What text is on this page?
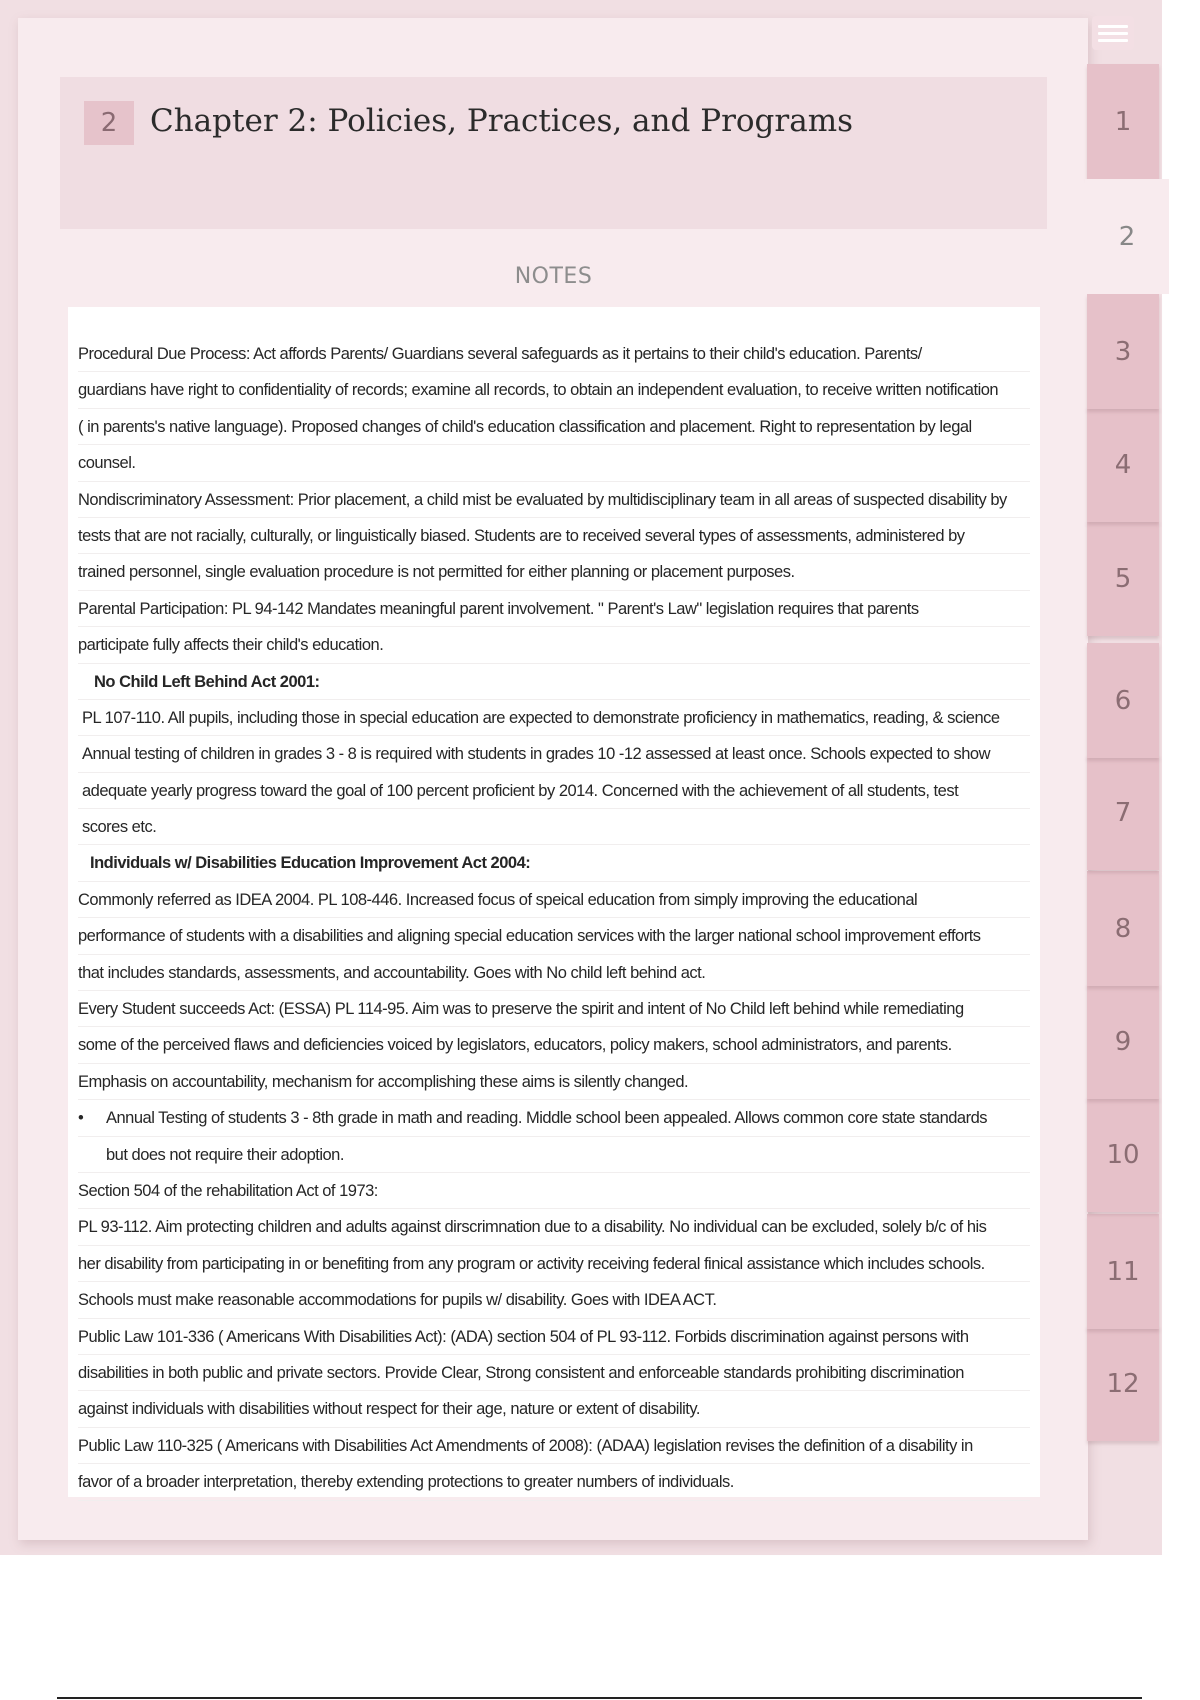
2	Chapter 2: Policies, Practices, and Programs
NOTES
Procedural Due Process: Act affords Parents/ Guardians several safeguards as it pertains to their child's education. Parents/
guardians have right to confidentiality of records; examine all records, to obtain an independent evaluation, to receive written notification
( in parents's native language). Proposed changes of child's education classification and placement. Right to representation by legal
counsel.
Nondiscriminatory Assessment: Prior placement, a child mist be evaluated by multidisciplinary team in all areas of suspected disability by
tests that are not racially, culturally, or linguistically biased. Students are to received several types of assessments, administered by
trained personnel, single evaluation procedure is not permitted for either planning or placement purposes.
Parental Participation: PL 94-142 Mandates meaningful parent involvement. " Parent's Law" legislation requires that parents
participate fully affects their child's education.
No Child Left Behind Act 2001:
PL 107-110. All pupils, including those in special education are expected to demonstrate proficiency in mathematics, reading, & science
Annual testing of children in grades 3 - 8 is required with students in grades 10 -12 assessed at least once. Schools expected to show
adequate yearly progress toward the goal of 100 percent proficient by 2014. Concerned with the achievement of all students, test
scores etc.
Individuals w/ Disabilities Education Improvement Act 2004:
Commonly referred as IDEA 2004. PL 108-446. Increased focus of speical education from simply improving the educational
performance of students with a disabilities and aligning special education services with the larger national school improvement efforts
that includes standards, assessments, and accountability. Goes with No child left behind act.
Every Student succeeds Act: (ESSA) PL 114-95. Aim was to preserve the spirit and intent of No Child left behind while remediating
some of the perceived flaws and deficiencies voiced by legislators, educators, policy makers, school administrators, and parents.
Emphasis on accountability, mechanism for accomplishing these aims is silently changed.
• Annual Testing of students 3 - 8th grade in math and reading. Middle school been appealed. Allows common core state standards
but does not require their adoption.
Section 504 of the rehabilitation Act of 1973:
PL 93-112. Aim protecting children and adults against dirscrimnation due to a disability. No individual can be excluded, solely b/c of his
her disability from participating in or benefiting from any program or activity receiving federal finical assistance which includes schools.
Schools must make reasonable accommodations for pupils w/ disability. Goes with IDEA ACT.
Public Law 101-336 ( Americans With Disabilities Act): (ADA) section 504 of PL 93-112. Forbids discrimination against persons with
disabilities in both public and private sectors. Provide Clear, Strong consistent and enforceable standards prohibiting discrimination
against individuals with disabilities without respect for their age, nature or extent of disability.
Public Law 110-325 ( Americans with Disabilities Act Amendments of 2008): (ADAA) legislation revises the definition of a disability in
favor of a broader interpretation, thereby extending protections to greater numbers of individuals.
1
2
3
4
5
6
7
8
9
10
11
12
